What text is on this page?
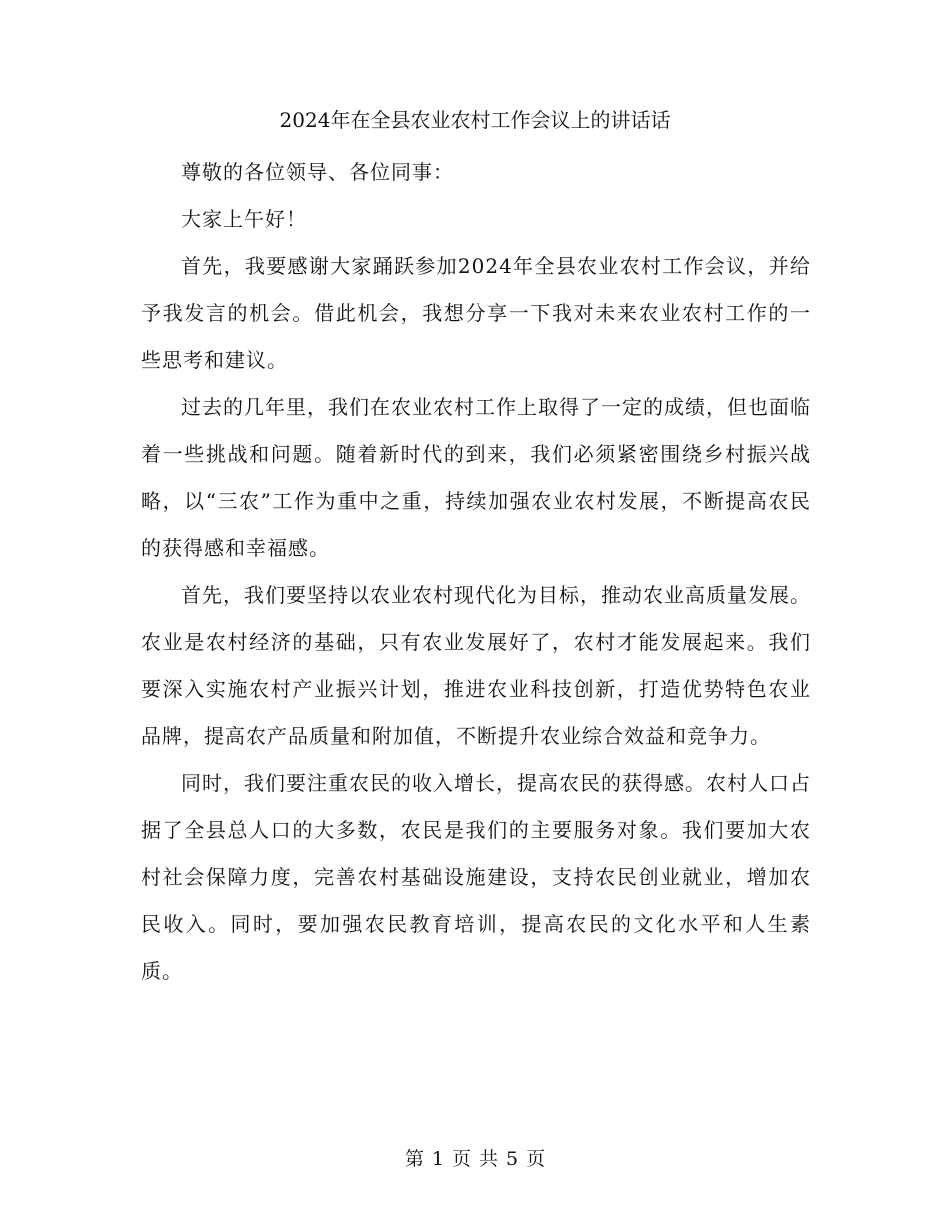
2024年在全县农业农村工作会议上的讲话话

尊敬的各位领导、各位同事：

大家上午好！

首先，我要感谢大家踊跃参加2024年全县农业农村工作会议，并给予我发言的机会。借此机会，我想分享一下我对未来农业农村工作的一些思考和建议。

过去的几年里，我们在农业农村工作上取得了一定的成绩，但也面临着一些挑战和问题。随着新时代的到来，我们必须紧密围绕乡村振兴战略，以“三农”工作为重中之重，持续加强农业农村发展，不断提高农民的获得感和幸福感。

首先，我们要坚持以农业农村现代化为目标，推动农业高质量发展。农业是农村经济的基础，只有农业发展好了，农村才能发展起来。我们要深入实施农村产业振兴计划，推进农业科技创新，打造优势特色农业品牌，提高农产品质量和附加值，不断提升农业综合效益和竞争力。

同时，我们要注重农民的收入增长，提高农民的获得感。农村人口占据了全县总人口的大多数，农民是我们的主要服务对象。我们要加大农村社会保障力度，完善农村基础设施建设，支持农民创业就业，增加农民收入。同时，要加强农民教育培训，提高农民的文化水平和人生素质。

第 1 页 共 5 页
